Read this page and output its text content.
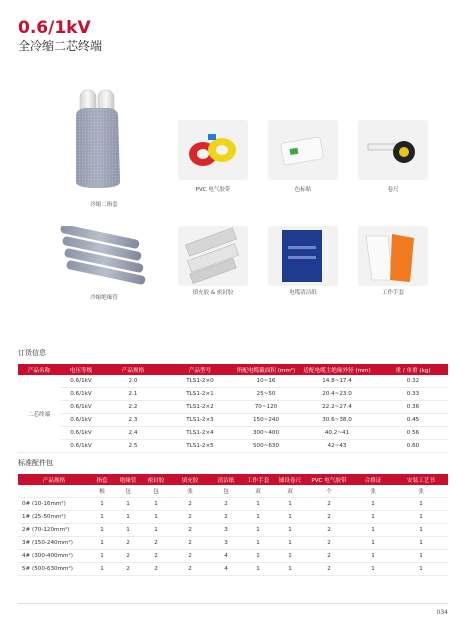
0.6/1kV
全冷缩二芯终端
冷缩二指套
PVC 电气胶带	色标贴	卷尺
冷缩绝缘管
填充胶 & 密封胶	电缆清洁纸	工作手套
订货信息
产品名称	电压等级	产品规格	产品型号	所配电缆截面积 (mm²)	适配电缆主绝缘外径 (mm)	重 / 单重 (kg)
二芯终端	0.6/1kV	2.0	TLS1-2×0	10~16	14.8~17.4	0.32
	0.6/1kV	2.1	TLS1-2×1	25~50	20.4~23.0	0.33
	0.6/1kV	2.2	TLS1-2×2	70~120	22.2~27.4	0.36
	0.6/1kV	2.3	TLS1-2×3	150~240	30.6~38.0	0.45
	0.6/1kV	2.4	TLS1-2×4	300~400	40.2~41	0.56
	0.6/1kV	2.5	TLS1-2×5	500~630	42~43	0.60
标准配件包
产品规格	指套	绝缘管	密封胶	填充胶	清洁纸	工作手套	铺设卷尺	PVC 电气胶带	合格证	安装工艺书
	根	包	包	张	包	双	双	个	张	张
0# (10-16mm²)	1	1	1	2	2	1	1	2	1	1
1# (25-50mm²)	1	1	1	2	2	1	1	2	1	1
2# (70-120mm²)	1	1	1	2	3	1	1	2	1	1
3# (150-240mm²)	1	2	2	2	3	1	1	2	1	1
4# (300-400mm²)	1	2	2	2	4	1	1	2	1	1
5# (500-630mm²)	1	2	2	2	4	1	1	2	1	1
034
